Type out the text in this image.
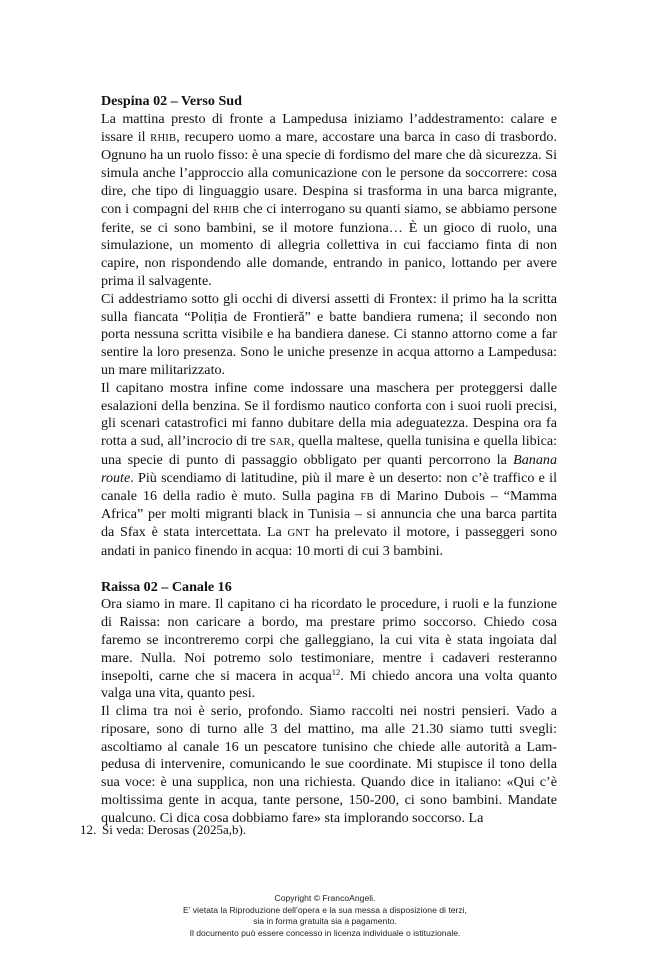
Despina 02 – Verso Sud

La mattina presto di fronte a Lampedusa iniziamo l’addestramento: calare e issare il RHIB, recupero uomo a mare, accostare una barca in caso di trasbordo. Ognuno ha un ruolo fisso: è una specie di fordismo del mare che dà sicurezza. Si simula anche l’approccio alla comunicazione con le persone da soccorrere: cosa dire, che tipo di linguaggio usare. Despina si trasforma in una barca migrante, con i compagni del RHIB che ci interrogano su quanti siamo, se abbiamo persone ferite, se ci sono bambini, se il motore funziona… È un gioco di ruolo, una simulazione, un momento di allegria collettiva in cui facciamo finta di non capire, non rispondendo alle domande, entrando in panico, lottando per avere prima il salvagente.

Ci addestriamo sotto gli occhi di diversi assetti di Frontex: il primo ha la scritta sulla fiancata “Poliția de Frontieră” e batte bandiera rumena; il secondo non porta nessuna scritta visibile e ha bandiera danese. Ci stanno attorno come a far sentire la loro presenza. Sono le uniche presenze in acqua attorno a Lampedusa: un mare militarizzato.

Il capitano mostra infine come indossare una maschera per proteggersi dalle esalazioni della benzina. Se il fordismo nautico conforta con i suoi ruoli precisi, gli scenari catastrofici mi fanno dubitare della mia adeguatezza. Despina ora fa rotta a sud, all’incrocio di tre SAR, quella maltese, quella tunisina e quella libica: una specie di punto di passaggio obbligato per quanti percorrono la Banana route. Più scendiamo di latitudine, più il mare è un deserto: non c’è traffico e il canale 16 della radio è muto. Sulla pagina FB di Marino Dubois – “Mamma Africa” per molti migranti black in Tunisia – si annuncia che una barca partita da Sfax è stata intercettata. La GNT ha prelevato il motore, i passeggeri sono andati in panico finendo in acqua: 10 morti di cui 3 bambini.

Raissa 02 – Canale 16

Ora siamo in mare. Il capitano ci ha ricordato le procedure, i ruoli e la funzione di Raissa: non caricare a bordo, ma prestare primo soccorso. Chiedo cosa faremo se incontreremo corpi che galleggiano, la cui vita è stata ingoiata dal mare. Nulla. Noi potremo solo testimoniare, mentre i cadaveri resteranno insepolti, carne che si macera in acqua$^{12}$. Mi chiedo ancora una volta quanto valga una vita, quanto pesi.

Il clima tra noi è serio, profondo. Siamo raccolti nei nostri pensieri. Vado a riposare, sono di turno alle 3 del mattino, ma alle 21.30 siamo tutti svegli: ascoltiamo al canale 16 un pescatore tunisino che chiede alle autorità a Lampedusa di intervenire, comunicando le sue coordinate. Mi stupisce il tono della sua voce: è una supplica, non una richiesta. Quando dice in italiano: «Qui c’è moltissima gente in acqua, tante persone, 150-200, ci sono bambini. Mandate qualcuno. Ci dica cosa dobbiamo fare» sta implorando soccorso. La

12. Si veda: Derosas (2025a,b).
Copyright © FrancoAngeli.
E’ vietata la Riproduzione dell’opera e la sua messa a disposizione di terzi,
sia in forma gratuita sia a pagamento.
Il documento può essere concesso in licenza individuale o istituzionale.
